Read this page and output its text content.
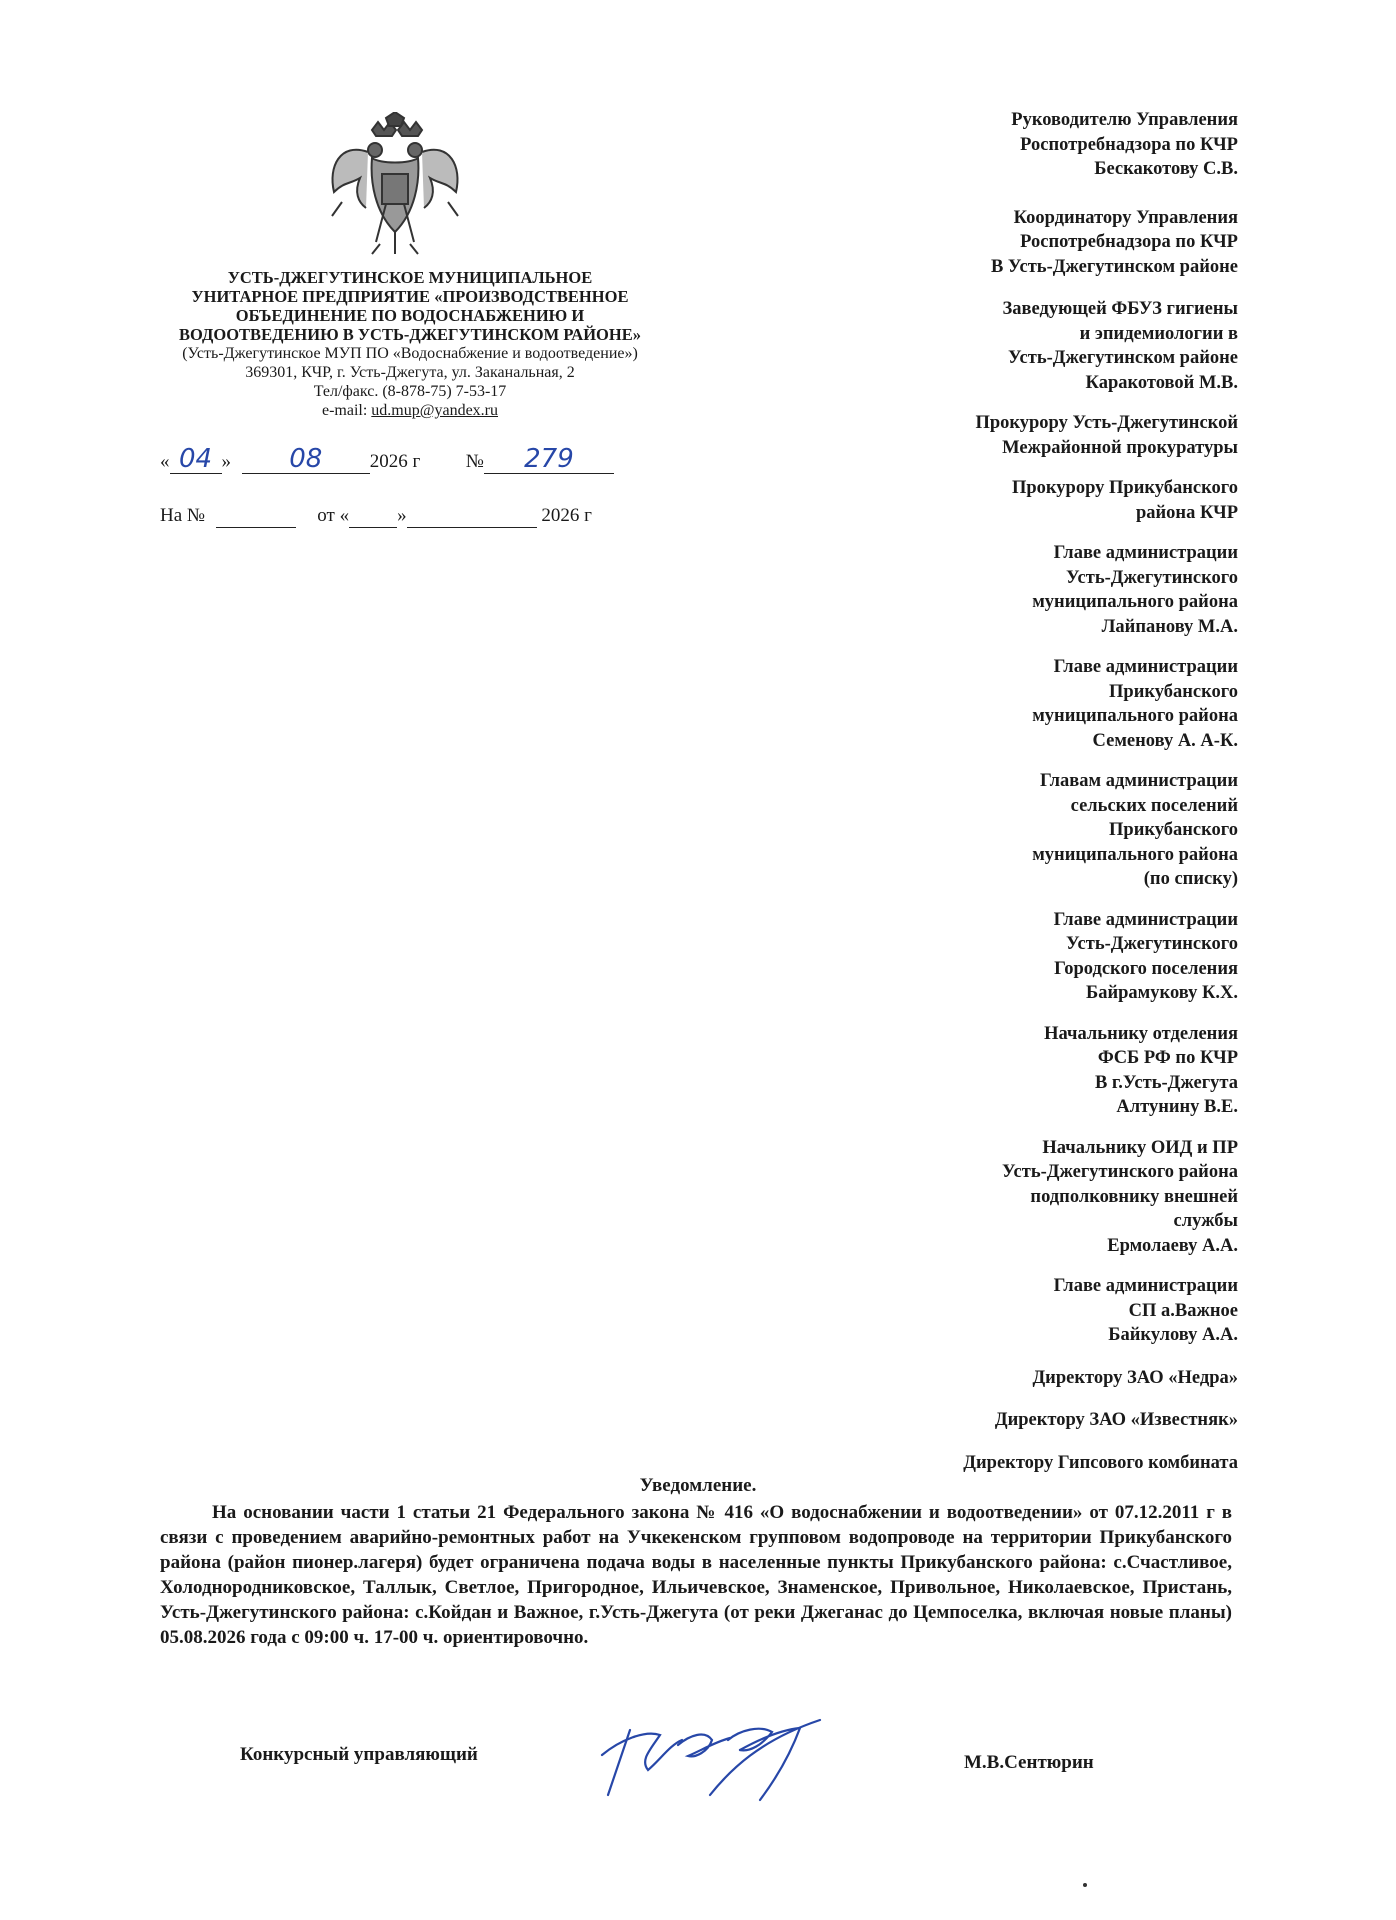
УСТЬ-ДЖЕГУТИНСКОЕ МУНИЦИПАЛЬНОЕ
УНИТАРНОЕ ПРЕДПРИЯТИЕ «ПРОИЗВОДСТВЕННОЕ
ОБЪЕДИНЕНИЕ ПО ВОДОСНАБЖЕНИЮ И
ВОДООТВЕДЕНИЮ В УСТЬ-ДЖЕГУТИНСКОМ РАЙОНЕ»
(Усть-Джегутинское МУП ПО «Водоснабжение и водоотведение»)
369301, КЧР, г. Усть-Джегута, ул. Заканальная, 2
Тел/факс. (8-878-75) 7-53-17
e-mail: ud.mup@yandex.ru
« 04 » 08 2026 г № 279
На №	от «	»	2026 г
Руководителю Управления
Роспотребнадзора по КЧР
Бескакотову С.В.
Координатору Управления
Роспотребнадзора по КЧР
В Усть-Джегутинском районе
Заведующей ФБУЗ гигиены
и эпидемиологии в
Усть-Джегутинском районе
Каракотовой М.В.
Прокурору Усть-Джегутинской
Межрайонной прокуратуры
Прокурору Прикубанского
района КЧР
Главе администрации
Усть-Джегутинского
муниципального района
Лайпанову М.А.
Главе администрации
Прикубанского
муниципального района
Семенову А. А-К.
Главам администрации
сельских поселений
Прикубанского
муниципального района
(по списку)
Главе администрации
Усть-Джегутинского
Городского поселения
Байрамукову К.Х.
Начальнику отделения
ФСБ РФ по КЧР
В г.Усть-Джегута
Алтунину В.Е.
Начальнику ОИД и ПР
Усть-Джегутинского района
подполковнику внешней
службы
Ермолаеву А.А.
Главе администрации
СП а.Важное
Байкулову А.А.
Директору ЗАО «Недра»
Директору ЗАО «Известняк»
Директору Гипсового комбината
Уведомление.
На основании части 1 статьи 21 Федерального закона № 416 «О водоснабжении и водоотведении» от 07.12.2011 г в связи с проведением аварийно-ремонтных работ на Учкекенском групповом водопроводе на территории Прикубанского района (район пионер.лагеря) будет ограничена подача воды в населенные пункты Прикубанского района: с.Счастливое, Холоднородниковское, Таллык, Светлое, Пригородное, Ильичевское, Знаменское, Привольное, Николаевское, Пристань, Усть-Джегутинского района: с.Койдан и Важное, г.Усть-Джегута (от реки Джеганас до Цемпоселка, включая новые планы) 05.08.2026 года с 09:00 ч. 17-00 ч. ориентировочно.
Конкурсный управляющий	М.В.Сентюрин
